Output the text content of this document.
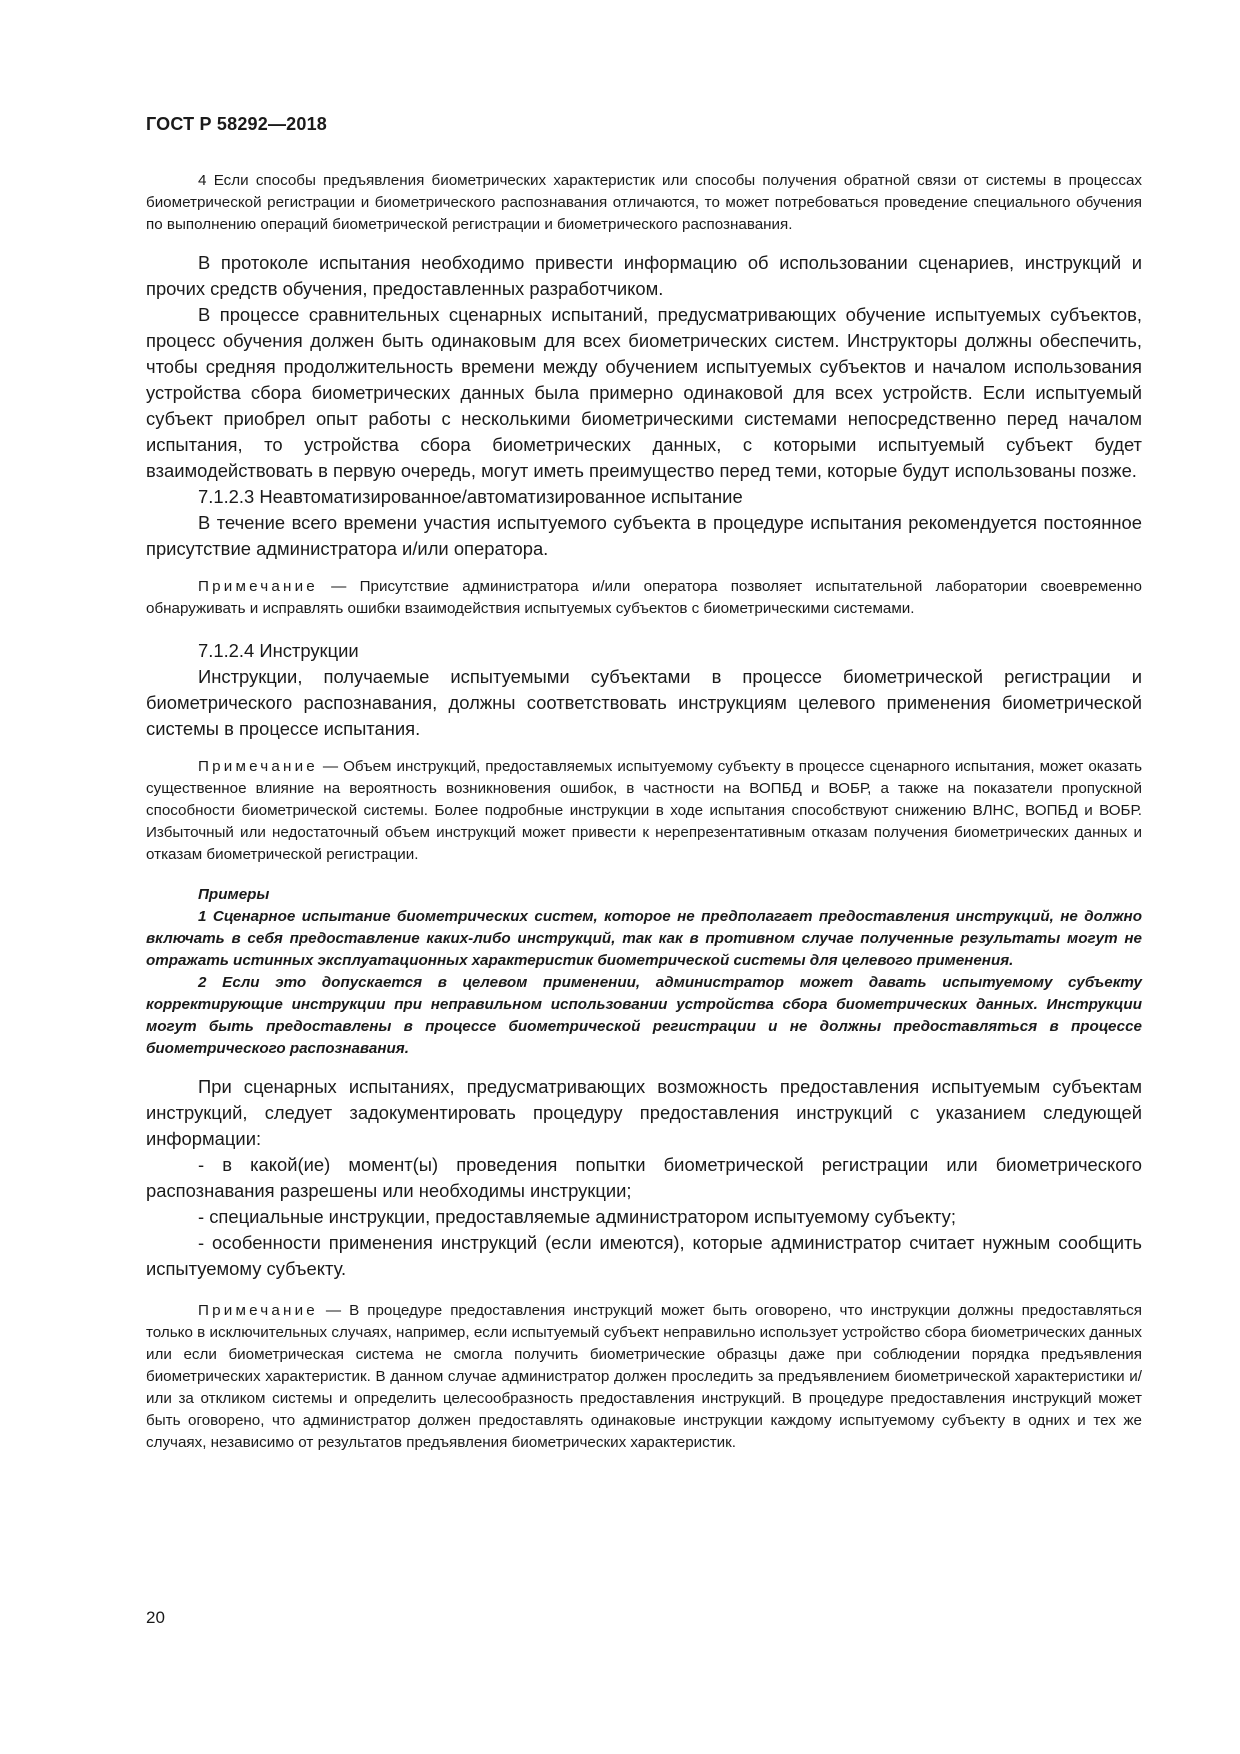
ГОСТ Р 58292—2018

4 Если способы предъявления биометрических характеристик или способы получения обратной связи от системы в процессах биометрической регистрации и биометрического распознавания отличаются, то может потребоваться проведение специального обучения по выполнению операций биометрической регистрации и биометрического распознавания.

В протоколе испытания необходимо привести информацию об использовании сценариев, инструкций и прочих средств обучения, предоставленных разработчиком.

В процессе сравнительных сценарных испытаний, предусматривающих обучение испытуемых субъектов, процесс обучения должен быть одинаковым для всех биометрических систем. Инструкторы должны обеспечить, чтобы средняя продолжительность времени между обучением испытуемых субъектов и началом использования устройства сбора биометрических данных была примерно одинаковой для всех устройств. Если испытуемый субъект приобрел опыт работы с несколькими биометрическими системами непосредственно перед началом испытания, то устройства сбора биометрических данных, с которыми испытуемый субъект будет взаимодействовать в первую очередь, могут иметь преимущество перед теми, которые будут использованы позже.

7.1.2.3 Неавтоматизированное/автоматизированное испытание

В течение всего времени участия испытуемого субъекта в процедуре испытания рекомендуется постоянное присутствие администратора и/или оператора.

Примечание — Присутствие администратора и/или оператора позволяет испытательной лаборатории своевременно обнаруживать и исправлять ошибки взаимодействия испытуемых субъектов с биометрическими системами.

7.1.2.4 Инструкции

Инструкции, получаемые испытуемыми субъектами в процессе биометрической регистрации и биометрического распознавания, должны соответствовать инструкциям целевого применения биометрической системы в процессе испытания.

Примечание — Объем инструкций, предоставляемых испытуемому субъекту в процессе сценарного испытания, может оказать существенное влияние на вероятность возникновения ошибок, в частности на ВОПБД и ВОБР, а также на показатели пропускной способности биометрической системы. Более подробные инструкции в ходе испытания способствуют снижению ВЛНС, ВОПБД и ВОБР. Избыточный или недостаточный объем инструкций может привести к нерепрезентативным отказам получения биометрических данных и отказам биометрической регистрации.

Примеры

1 Сценарное испытание биометрических систем, которое не предполагает предоставления инструкций, не должно включать в себя предоставление каких-либо инструкций, так как в противном случае полученные результаты могут не отражать истинных эксплуатационных характеристик биометрической системы для целевого применения.

2 Если это допускается в целевом применении, администратор может давать испытуемому субъекту корректирующие инструкции при неправильном использовании устройства сбора биометрических данных. Инструкции могут быть предоставлены в процессе биометрической регистрации и не должны предоставляться в процессе биометрического распознавания.

При сценарных испытаниях, предусматривающих возможность предоставления испытуемым субъектам инструкций, следует задокументировать процедуру предоставления инструкций с указанием следующей информации:

- в какой(ие) момент(ы) проведения попытки биометрической регистрации или биометрического распознавания разрешены или необходимы инструкции;

- специальные инструкции, предоставляемые администратором испытуемому субъекту;

- особенности применения инструкций (если имеются), которые администратор считает нужным сообщить испытуемому субъекту.

Примечание — В процедуре предоставления инструкций может быть оговорено, что инструкции должны предоставляться только в исключительных случаях, например, если испытуемый субъект неправильно использует устройство сбора биометрических данных или если биометрическая система не смогла получить биометрические образцы даже при соблюдении порядка предъявления биометрических характеристик. В данном случае администратор должен проследить за предъявлением биометрической характеристики и/или за откликом системы и определить целесообразность предоставления инструкций. В процедуре предоставления инструкций может быть оговорено, что администратор должен предоставлять одинаковые инструкции каждому испытуемому субъекту в одних и тех же случаях, независимо от результатов предъявления биометрических характеристик.

20
